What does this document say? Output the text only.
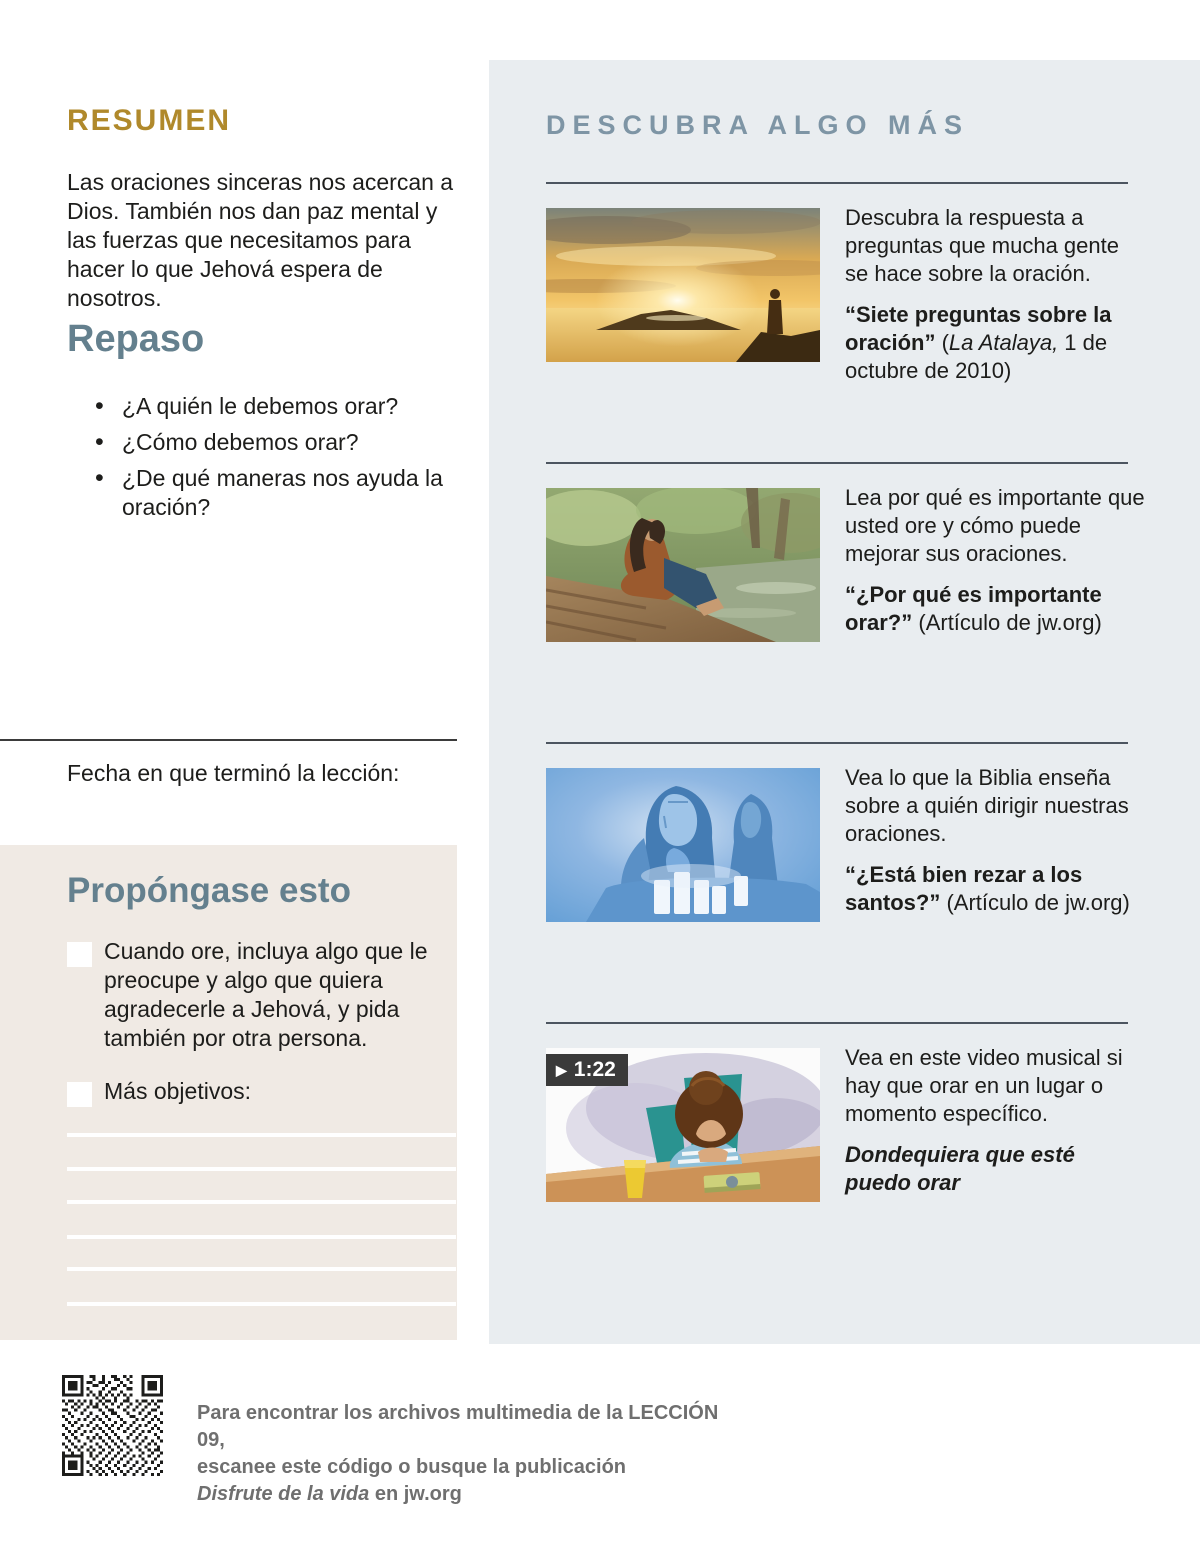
RESUMEN

Las oraciones sinceras nos acercan a Dios. También nos dan paz mental y las fuerzas que necesitamos para hacer lo que Jehová espera de nosotros.

Repaso
• ¿A quién le debemos orar?
• ¿Cómo debemos orar?
• ¿De qué maneras nos ayuda la oración?

Fecha en que terminó la lección:

Propóngase esto

Cuando ore, incluya algo que le preocupe y algo que quiera agradecerle a Jehová, y pida también por otra persona.

Más objetivos:

Para encontrar los archivos multimedia de la LECCIÓN 09,
escanee este código o busque la publicación
Disfrute de la vida en jw.org

DESCUBRA ALGO MÁS

Descubra la respuesta a preguntas que mucha gente se hace sobre la oración.

“Siete preguntas sobre la oración” (La Atalaya, 1 de octubre de 2010)

Lea por qué es importante que usted ore y cómo puede mejorar sus oraciones.

“¿Por qué es importante orar?” (Artículo de jw.org)

Vea lo que la Biblia enseña sobre a quién dirigir nuestras oraciones.

“¿Está bien rezar a los santos?” (Artículo de jw.org)

▶ 1:22	Vea en este video musical si hay que orar en un lugar o momento específico.

Dondequiera que esté puedo orar
